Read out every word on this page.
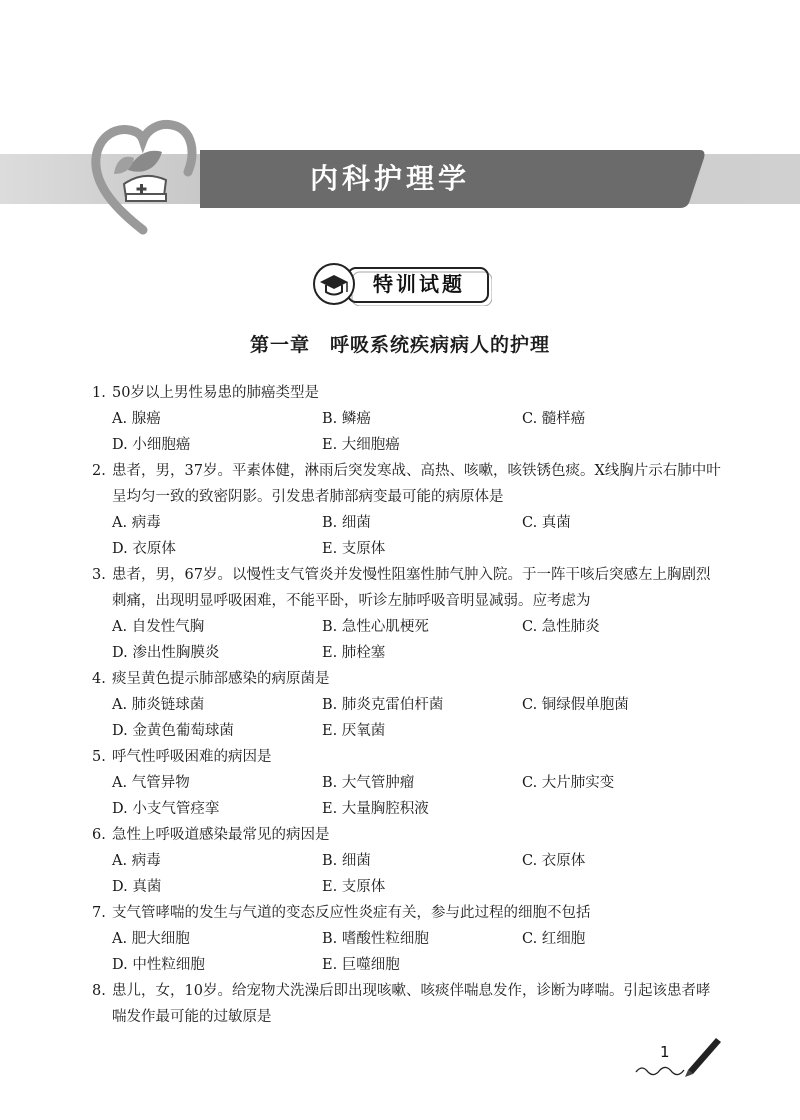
内科护理学
特训试题
第一章　呼吸系统疾病病人的护理
1. 50岁以上男性易患的肺癌类型是
A. 腺癌	B. 鳞癌	C. 髓样癌
D. 小细胞癌	E. 大细胞癌
2. 患者，男，37岁。平素体健，淋雨后突发寒战、高热、咳嗽，咳铁锈色痰。X线胸片示右肺中叶呈均匀一致的致密阴影。引发患者肺部病变最可能的病原体是
A. 病毒	B. 细菌	C. 真菌
D. 衣原体	E. 支原体
3. 患者，男，67岁。以慢性支气管炎并发慢性阻塞性肺气肿入院。于一阵干咳后突感左上胸剧烈刺痛，出现明显呼吸困难，不能平卧，听诊左肺呼吸音明显减弱。应考虑为
A. 自发性气胸	B. 急性心肌梗死	C. 急性肺炎
D. 渗出性胸膜炎	E. 肺栓塞
4. 痰呈黄色提示肺部感染的病原菌是
A. 肺炎链球菌	B. 肺炎克雷伯杆菌	C. 铜绿假单胞菌
D. 金黄色葡萄球菌	E. 厌氧菌
5. 呼气性呼吸困难的病因是
A. 气管异物	B. 大气管肿瘤	C. 大片肺实变
D. 小支气管痉挛	E. 大量胸腔积液
6. 急性上呼吸道感染最常见的病因是
A. 病毒	B. 细菌	C. 衣原体
D. 真菌	E. 支原体
7. 支气管哮喘的发生与气道的变态反应性炎症有关，参与此过程的细胞不包括
A. 肥大细胞	B. 嗜酸性粒细胞	C. 红细胞
D. 中性粒细胞	E. 巨噬细胞
8. 患儿，女，10岁。给宠物犬洗澡后即出现咳嗽、咳痰伴喘息发作，诊断为哮喘。引起该患者哮喘发作最可能的过敏原是
1
